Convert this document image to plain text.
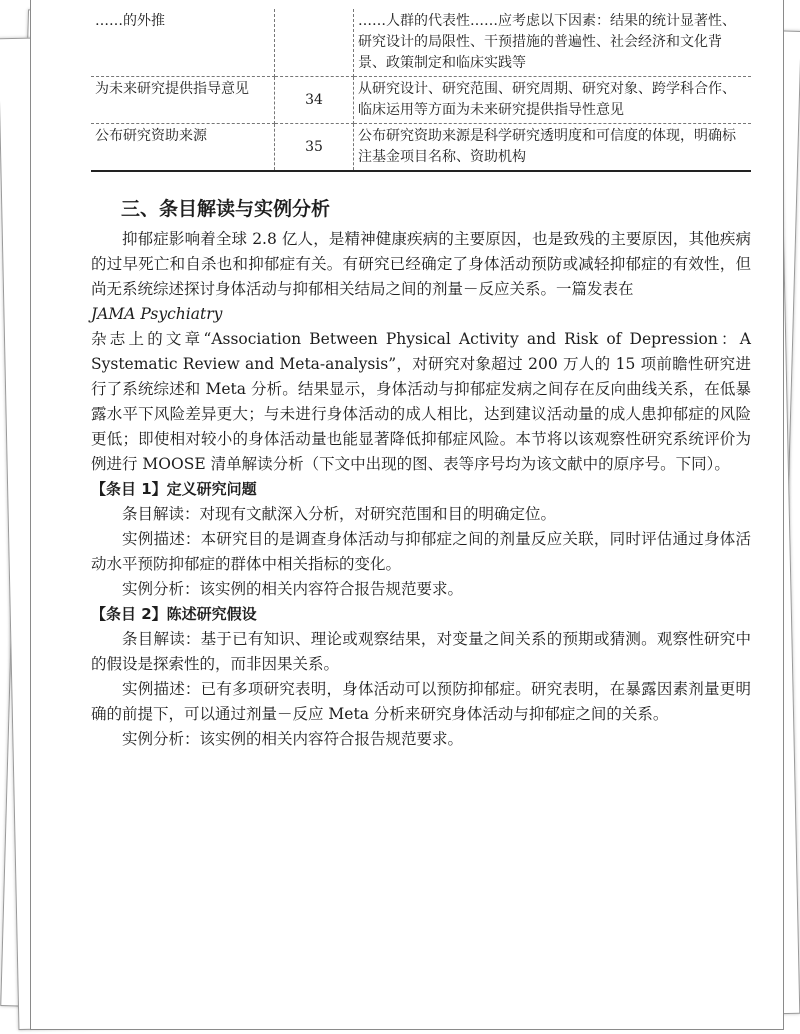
……的外推		……人群的代表性……应考虑以下因素：结果的统计显著性、研究设计的局限性、干预措施的普遍性、社会经济和文化背景、政策制定和临床实践等
为未来研究提供指导意见	34	从研究设计、研究范围、研究周期、研究对象、跨学科合作、临床运用等方面为未来研究提供指导性意见
公布研究资助来源	35	公布研究资助来源是科学研究透明度和可信度的体现，明确标注基金项目名称、资助机构
三、条目解读与实例分析

抑郁症影响着全球 2.8 亿人，是精神健康疾病的主要原因，也是致残的主要原因，其他疾病的过早死亡和自杀也和抑郁症有关。有研究已经确定了身体活动预防或减轻抑郁症的有效性，但尚无系统综述探讨身体活动与抑郁相关结局之间的剂量－反应关系。一篇发表在

JAMA Psychiatry

杂志上的文章“Association Between Physical Activity and Risk of Depression：A Systematic Review and Meta-analysis”，对研究对象超过 200 万人的 15 项前瞻性研究进行了系统综述和 Meta 分析。结果显示，身体活动与抑郁症发病之间存在反向曲线关系，在低暴露水平下风险差异更大；与未进行身体活动的成人相比，达到建议活动量的成人患抑郁症的风险更低；即使相对较小的身体活动量也能显著降低抑郁症风险。本节将以该观察性研究系统评价为例进行 MOOSE 清单解读分析（下文中出现的图、表等序号均为该文献中的原序号。下同）。

【条目 1】定义研究问题

条目解读：对现有文献深入分析，对研究范围和目的明确定位。

实例描述：本研究目的是调查身体活动与抑郁症之间的剂量反应关联，同时评估通过身体活动水平预防抑郁症的群体中相关指标的变化。

实例分析：该实例的相关内容符合报告规范要求。

【条目 2】陈述研究假设

条目解读：基于已有知识、理论或观察结果，对变量之间关系的预期或猜测。观察性研究中的假设是探索性的，而非因果关系。

实例描述：已有多项研究表明，身体活动可以预防抑郁症。研究表明，在暴露因素剂量更明确的前提下，可以通过剂量－反应 Meta 分析来研究身体活动与抑郁症之间的关系。

实例分析：该实例的相关内容符合报告规范要求。
